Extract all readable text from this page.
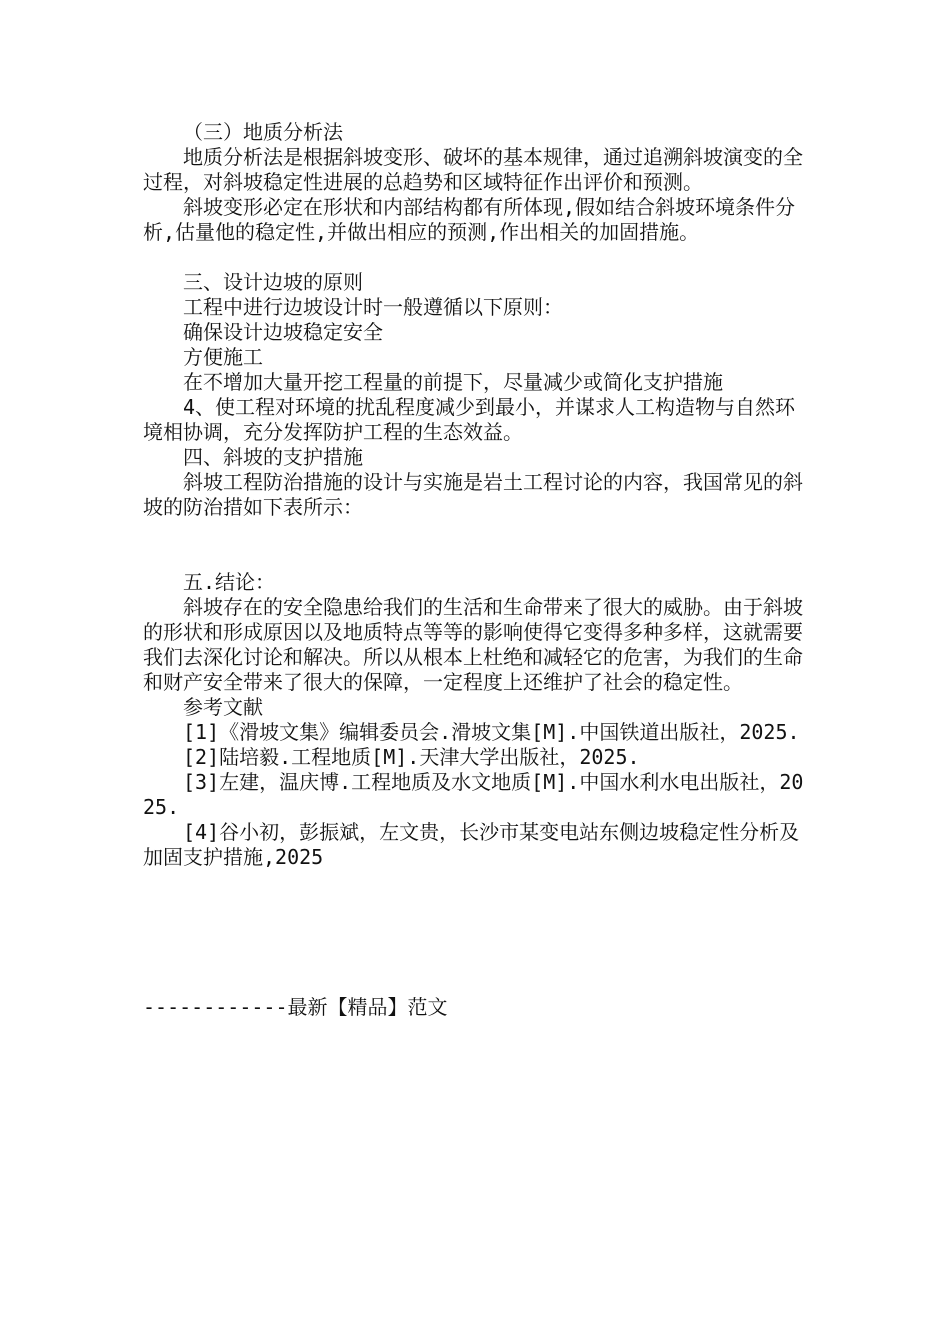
（三）地质分析法

地质分析法是根据斜坡变形、破坏的基本规律，通过追溯斜坡演变的全过程，对斜坡稳定性进展的总趋势和区域特征作出评价和预测。

斜坡变形必定在形状和内部结构都有所体现,假如结合斜坡环境条件分析,估量他的稳定性,并做出相应的预测,作出相关的加固措施。

三、设计边坡的原则

工程中进行边坡设计时一般遵循以下原则：

确保设计边坡稳定安全

方便施工

在不增加大量开挖工程量的前提下，尽量减少或简化支护措施

4、使工程对环境的扰乱程度减少到最小，并谋求人工构造物与自然环境相协调，充分发挥防护工程的生态效益。

四、斜坡的支护措施

斜坡工程防治措施的设计与实施是岩土工程讨论的内容，我国常见的斜坡的防治措如下表所示：

五.结论：

斜坡存在的安全隐患给我们的生活和生命带来了很大的威胁。由于斜坡的形状和形成原因以及地质特点等等的影响使得它变得多种多样，这就需要我们去深化讨论和解决。所以从根本上杜绝和减轻它的危害，为我们的生命和财产安全带来了很大的保障，一定程度上还维护了社会的稳定性。

参考文献

[1]《滑坡文集》编辑委员会.滑坡文集[M].中国铁道出版社，2025.

[2]陆培毅.工程地质[M].天津大学出版社，2025.

[3]左建，温庆博.工程地质及水文地质[M].中国水利水电出版社，2025.

[4]谷小初，彭振斌，左文贵，长沙市某变电站东侧边坡稳定性分析及加固支护措施,2025

------------最新【精品】范文
